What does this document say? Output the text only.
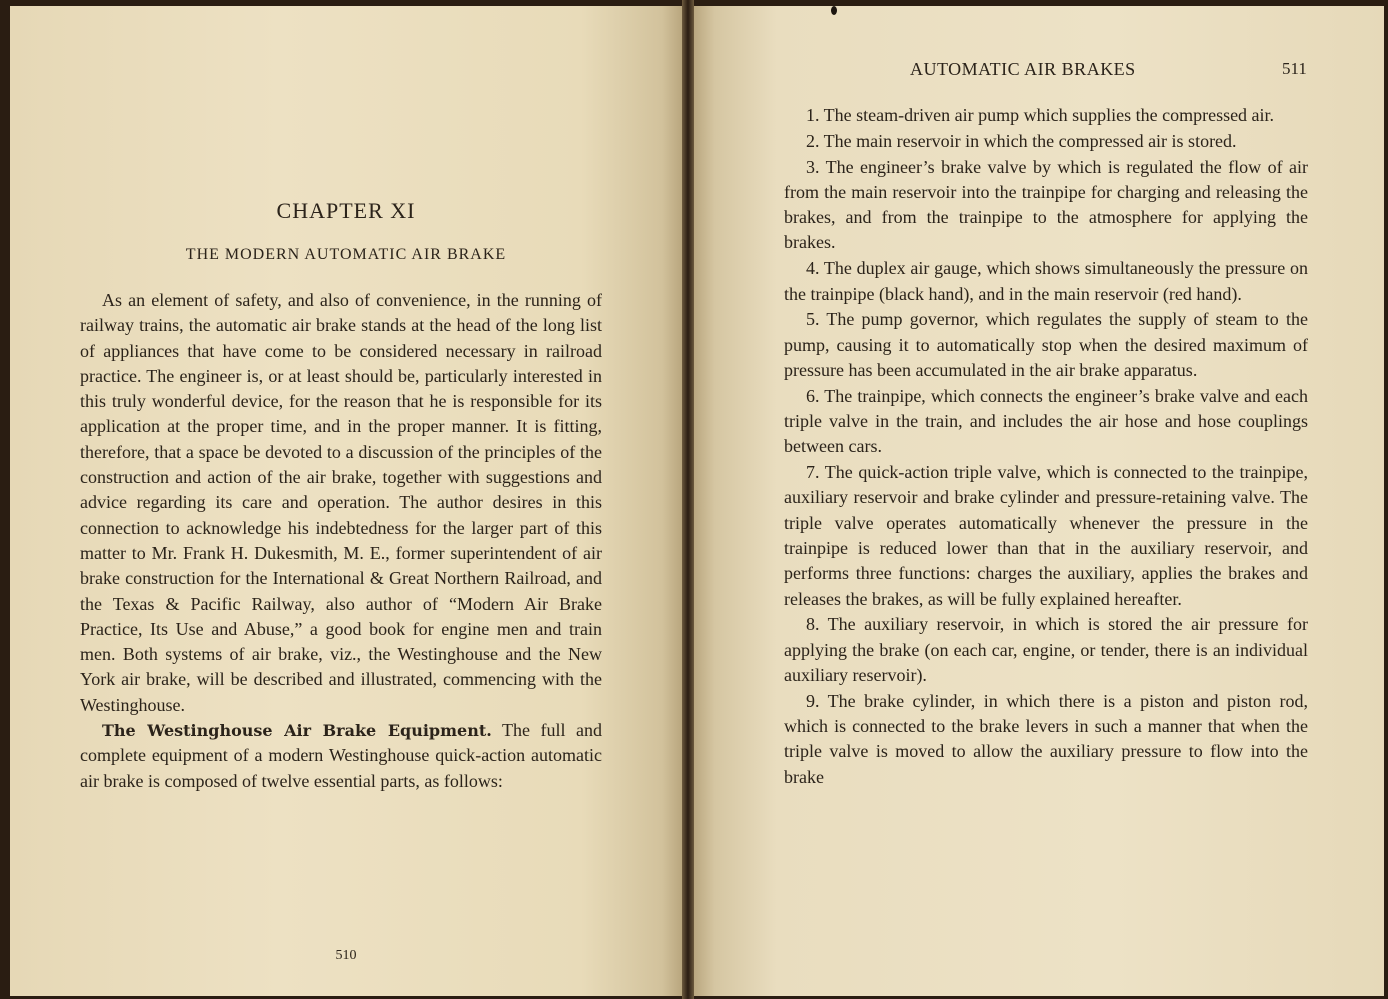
CHAPTER XI
THE MODERN AUTOMATIC AIR BRAKE

As an element of safety, and also of convenience, in the running of railway trains, the automatic air brake stands at the head of the long list of appliances that have come to be considered necessary in railroad practice. The engineer is, or at least should be, particularly interested in this truly wonderful device, for the reason that he is responsible for its application at the proper time, and in the proper manner. It is fitting, therefore, that a space be devoted to a discussion of the principles of the construction and action of the air brake, together with suggestions and advice regarding its care and operation. The author desires in this connection to acknowledge his indebtedness for the larger part of this matter to Mr. Frank H. Dukesmith, M. E., former superintendent of air brake construction for the International & Great Northern Railroad, and the Texas & Pacific Railway, also author of “Modern Air Brake Practice, Its Use and Abuse,” a good book for engine men and train men. Both systems of air brake, viz., the Westinghouse and the New York air brake, will be described and illustrated, commencing with the Westinghouse.

The Westinghouse Air Brake Equipment. The full and complete equipment of a modern Westinghouse quick-action automatic air brake is composed of twelve essential parts, as follows:

510
AUTOMATIC AIR BRAKES	511

1. The steam-driven air pump which supplies the compressed air.

2. The main reservoir in which the compressed air is stored.

3. The engineer’s brake valve by which is regulated the flow of air from the main reservoir into the trainpipe for charging and releasing the brakes, and from the trainpipe to the atmosphere for applying the brakes.

4. The duplex air gauge, which shows simultaneously the pressure on the trainpipe (black hand), and in the main reservoir (red hand).

5. The pump governor, which regulates the supply of steam to the pump, causing it to automatically stop when the desired maximum of pressure has been accumulated in the air brake apparatus.

6. The trainpipe, which connects the engineer’s brake valve and each triple valve in the train, and includes the air hose and hose couplings between cars.

7. The quick-action triple valve, which is connected to the trainpipe, auxiliary reservoir and brake cylinder and pressure-retaining valve. The triple valve operates automatically whenever the pressure in the trainpipe is reduced lower than that in the auxiliary reservoir, and performs three functions: charges the auxiliary, applies the brakes and releases the brakes, as will be fully explained hereafter.

8. The auxiliary reservoir, in which is stored the air pressure for applying the brake (on each car, engine, or tender, there is an individual auxiliary reservoir).

9. The brake cylinder, in which there is a piston and piston rod, which is connected to the brake levers in such a manner that when the triple valve is moved to allow the auxiliary pressure to flow into the brake
